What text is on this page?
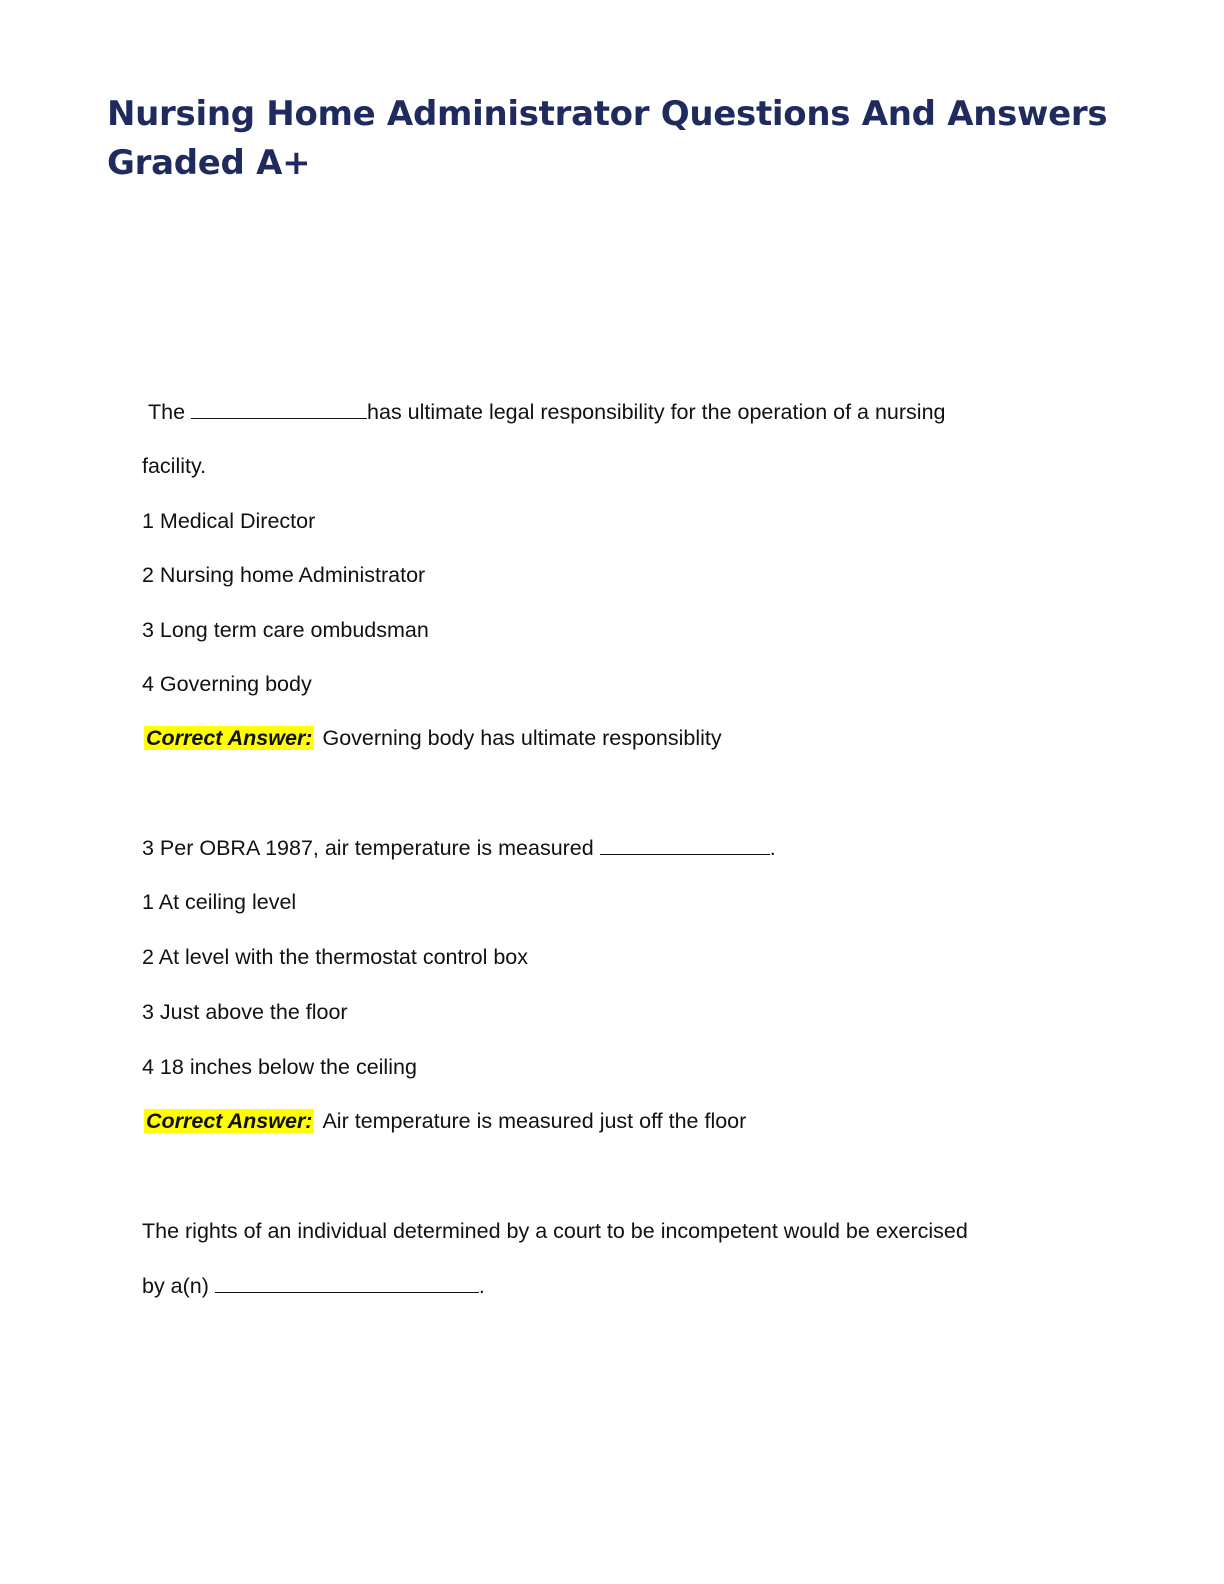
Nursing Home Administrator Questions And Answers Graded A+

The	has ultimate legal responsibility for the operation of a nursing

facility.

1 Medical Director

2 Nursing home Administrator

3 Long term care ombudsman

4 Governing body

Correct Answer: Governing body has ultimate responsiblity

3 Per OBRA 1987, air temperature is measured	.

1 At ceiling level

2 At level with the thermostat control box

3 Just above the floor

4 18 inches below the ceiling

Correct Answer: Air temperature is measured just off the floor

The rights of an individual determined by a court to be incompetent would be exercised

by a(n)	.
